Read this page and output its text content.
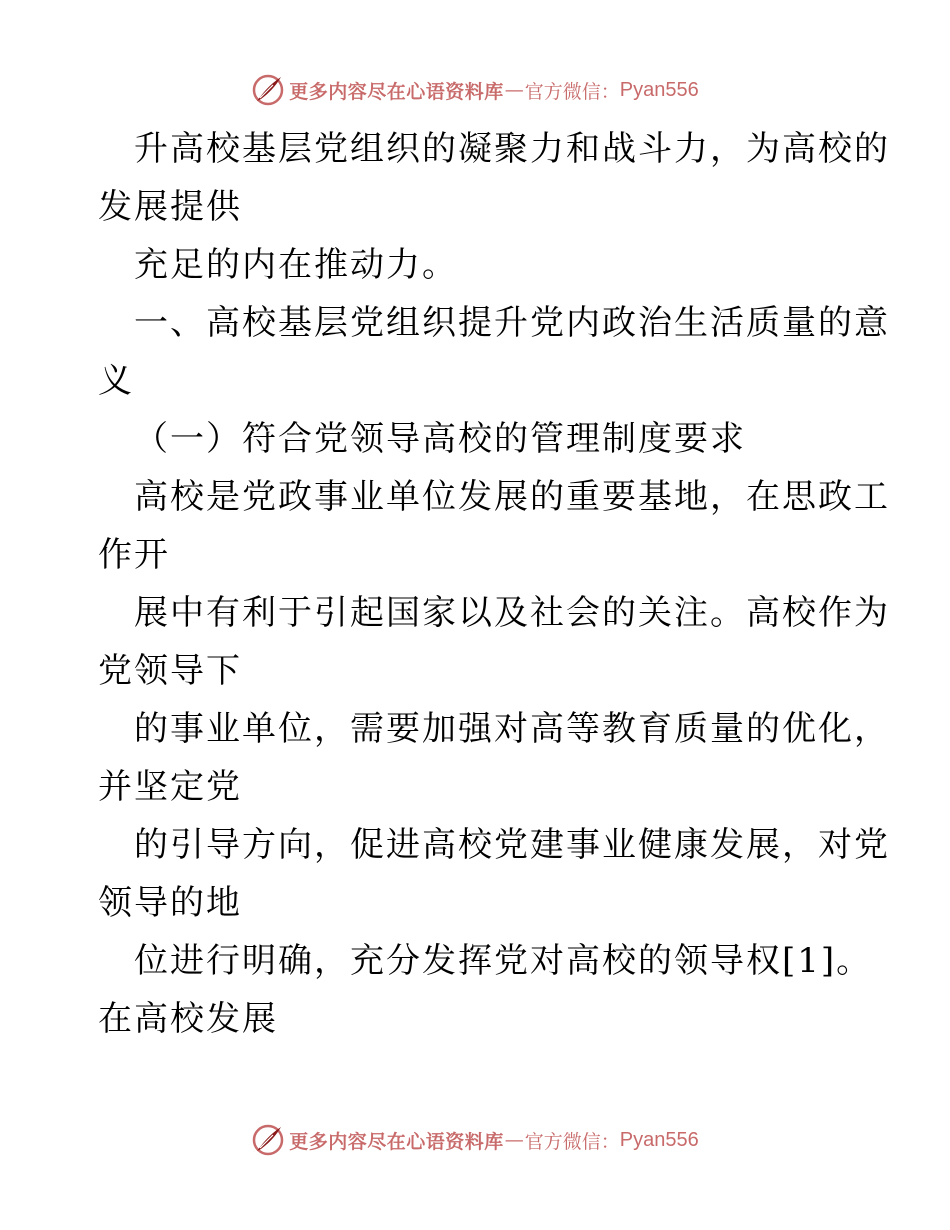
更多内容尽在心语资料库 — 官方微信： Pyan556
升高校基层党组织的凝聚力和战斗力，为高校的
发展提供
充足的内在推动力。
一、高校基层党组织提升党内政治生活质量的意
义
（一）符合党领导高校的管理制度要求
高校是党政事业单位发展的重要基地，在思政工
作开
展中有利于引起国家以及社会的关注。高校作为
党领导下
的事业单位，需要加强对高等教育质量的优化，
并坚定党
的引导方向，促进高校党建事业健康发展，对党
领导的地
位进行明确，充分发挥党对高校的领导权[1]。
在高校发展
更多内容尽在心语资料库 — 官方微信： Pyan556
